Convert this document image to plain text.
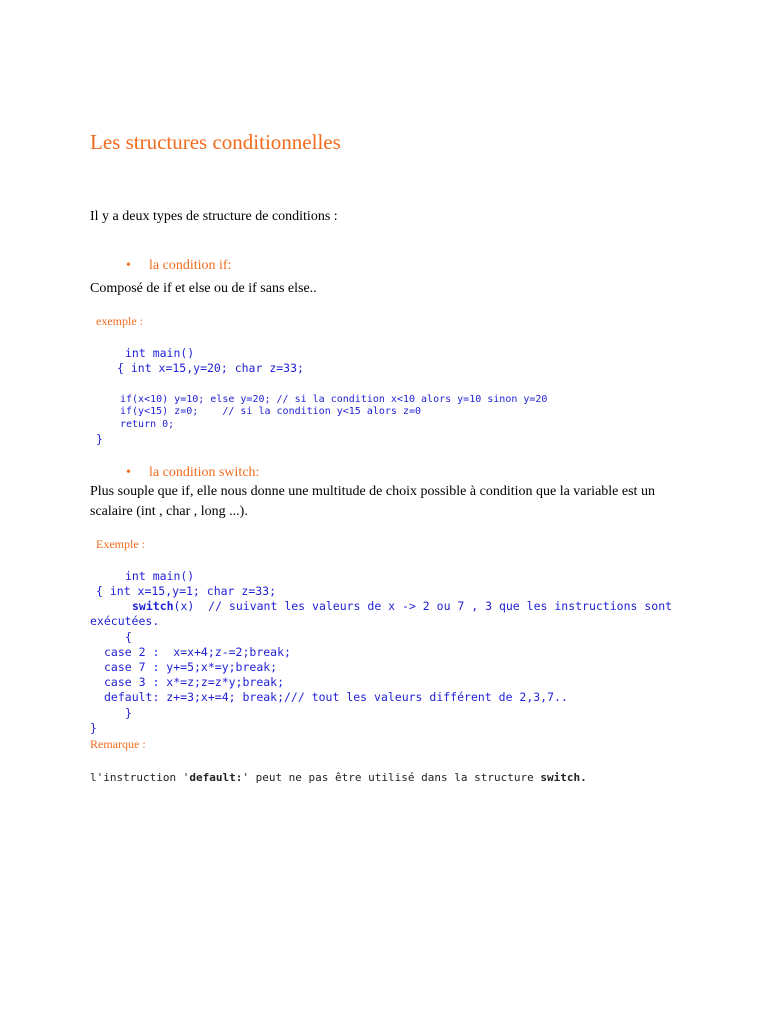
Les structures conditionnelles
Il y a deux types de structure de conditions :

• la condition if:

Composé de if et else ou de if sans else..
exemple :
int main()
{ int x=15,y=20; char z=33;
if(x<10) y=10; else y=20; // si la condition x<10 alors y=10 sinon y=20
if(y<15) z=0;    // si la condition y<15 alors z=0
return 0;
}

• la condition switch:

Plus souple que if, elle nous donne une multitude de choix possible à condition que la variable est un scalaire (int , char , long ...).
Exemple :
int main()
{ int x=15,y=1; char z=33;
switch(x)  // suivant les valeurs de x -> 2 ou 7 , 3 que les instructions sont
exécutées.
{
case 2 :  x=x+4;z-=2;break;
case 7 : y+=5;x*=y;break;
case 3 : x*=z;z=z*y;break;
default: z+=3;x+=4; break;/// tout les valeurs différent de 2,3,7..
}
}
Remarque :
l'instruction 'default:' peut ne pas être utilisé dans la structure switch.
